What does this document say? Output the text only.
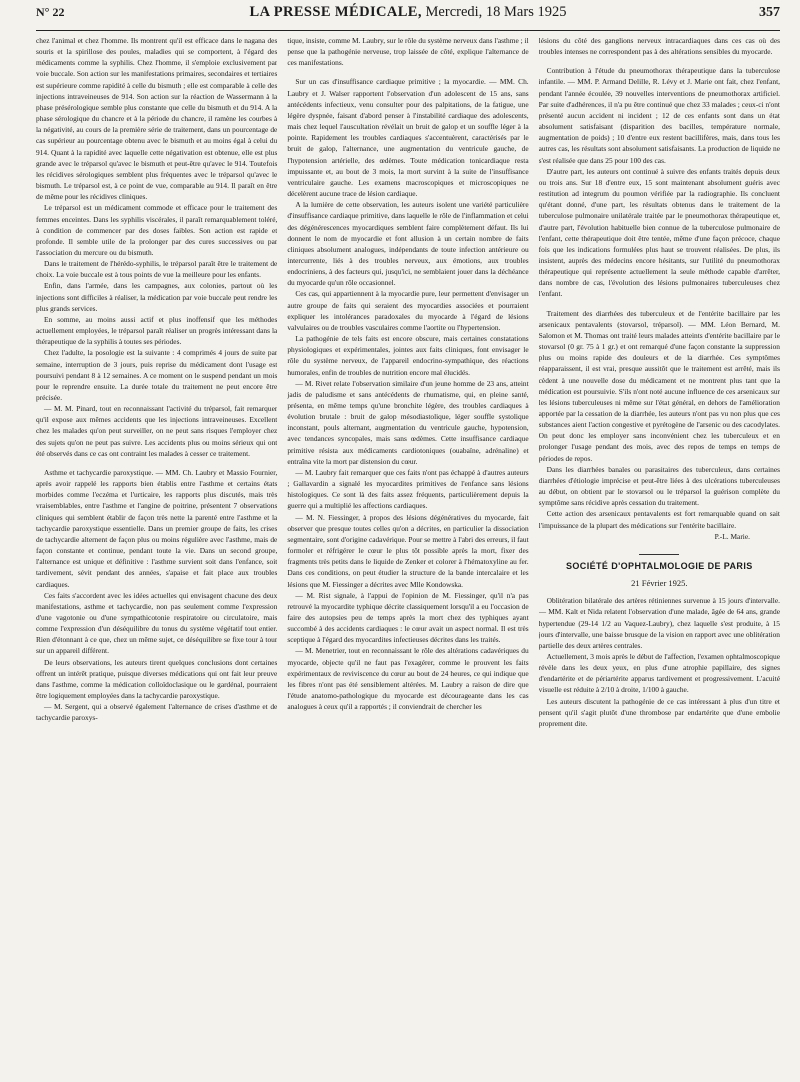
N° 22	LA PRESSE MÉDICALE, Mercredi, 18 Mars 1925	357

chez l'animal et chez l'homme. Ils montrent qu'il est efficace dans le nagana des souris et la spirillose des poules, maladies qui se comportent, à l'égard des médicaments comme la syphilis. Chez l'homme, il s'emploie exclusivement par voie buccale. Son action sur les manifestations primaires, secondaires et tertiaires est supérieure comme rapidité à celle du bismuth ; elle est comparable à celle des injections intraveineuses de 914. Son action sur la réaction de Wassermann à la phase présérologique semble plus constante que celle du bismuth et du 914. A la phase sérologique du chancre et à la période du chancre, il ramène les courbes à la négativité, au cours de la première série de traitement, dans un pourcentage de cas supérieur au pourcentage obtenu avec le bismuth et au moins égal à celui du 914. Quant à la rapidité avec laquelle cette négativation est obtenue, elle est plus grande avec le tréparsol qu'avec le bismuth et peut-être qu'avec le 914. Toutefois les récidives sérologiques semblent plus fréquentes avec le tréparsol qu'avec le bismuth. Le tréparsol est, à ce point de vue, comparable au 914. Il paraît en être de même pour les récidives cliniques.

Le tréparsol est un médicament commode et efficace pour le traitement des femmes enceintes. Dans les syphilis viscérales, il paraît remarquablement toléré, à condition de commencer par des doses faibles. Son action est rapide et profonde. Il semble utile de la prolonger par des cures successives ou par l'association du mercure ou du bismuth.

Dans le traitement de l'hérédo-syphilis, le tréparsol paraît être le traitement de choix. La voie buccale est à tous points de vue la meilleure pour les enfants.

Enfin, dans l'armée, dans les campagnes, aux colonies, partout où les injections sont difficiles à réaliser, la médication par voie buccale peut rendre les plus grands services.

En somme, au moins aussi actif et plus inoffensif que les méthodes actuellement employées, le tréparsol paraît réaliser un progrès intéressant dans la thérapeutique de la syphilis à toutes ses périodes.

Chez l'adulte, la posologie est la suivante : 4 comprimés 4 jours de suite par semaine, interruption de 3 jours, puis reprise du médicament dont l'usage est poursuivi pendant 8 à 12 semaines. A ce moment on le suspend pendant un mois pour le reprendre ensuite. La durée totale du traitement ne peut encore être précisée.

— M. M. Pinard, tout en reconnaissant l'activité du tréparsol, fait remarquer qu'il expose aux mêmes accidents que les injections intraveineuses. Excellent chez les malades qu'on peut surveiller, on ne peut sans risques l'employer chez des sujets qu'on ne peut pas suivre. Les accidents plus ou moins sérieux qui ont été observés dans ce cas ont contraint les malades à cesser ce traitement.

Asthme et tachycardie paroxystique. — MM. Ch. Laubry et Massio Fournier, après avoir rappelé les rapports bien établis entre l'asthme et certains états morbides comme l'eczéma et l'urticaire, les rapports plus discutés, mais très vraisemblables, entre l'asthme et l'angine de poitrine, présentent 7 observations cliniques qui semblent établir de façon très nette la parenté entre l'asthme et la tachycardie paroxystique essentielle. Dans un premier groupe de faits, les crises de tachycardie alternent de façon plus ou moins régulière avec l'asthme, mais de façon constante et continue, pendant toute la vie. Dans un second groupe, l'alternance est unique et définitive : l'asthme survient soit dans l'enfance, soit tardivement, sévit pendant des années, s'apaise et fait place aux troubles cardiaques.

Ces faits s'accordent avec les idées actuelles qui envisagent chacune des deux manifestations, asthme et tachycardie, non pas seulement comme l'expression d'une vagotonie ou d'une sympathicotonie respiratoire ou circulatoire, mais comme l'expression d'un déséquilibre du tonus du système végétatif tout entier. Rien d'étonnant à ce que, chez un même sujet, ce déséquilibre se fixe tour à tour sur un appareil différent.

De leurs observations, les auteurs tirent quelques conclusions dont certaines offrent un intérêt pratique, puisque diverses médications qui ont fait leur preuve dans l'asthme, comme la médication colloïdoclasique ou le gardénal, pourraient être logiquement employées dans la tachycardie paroxystique.

— M. Sergent, qui a observé également l'alternance de crises d'asthme et de tachycardie paroxys-

tique, insiste, comme M. Laubry, sur le rôle du système nerveux dans l'asthme ; il pense que la pathogénie nerveuse, trop laissée de côté, explique l'alternance de ces manifestations.

Sur un cas d'insuffisance cardiaque primitive ; la myocardie. — MM. Ch. Laubry et J. Walser rapportent l'observation d'un adolescent de 15 ans, sans antécédents infectieux, venu consulter pour des palpitations, de la fatigue, une légère dyspnée, faisant d'abord penser à l'instabilité cardiaque des adolescents, mais chez lequel l'auscultation révélait un bruit de galop et un souffle léger à la pointe. Rapidement les troubles cardiaques s'accentuèrent, caractérisés par le bruit de galop, l'alternance, une augmentation du ventricule gauche, de l'hypotension artérielle, des œdèmes. Toute médication tonicardiaque resta impuissante et, au bout de 3 mois, la mort survint à la suite de l'insuffisance ventriculaire gauche. Les examens macroscopiques et microscopiques ne décelèrent aucune trace de lésion cardiaque.

A la lumière de cette observation, les auteurs isolent une variété particulière d'insuffisance cardiaque primitive, dans laquelle le rôle de l'inflammation et celui des dégénérescences myocardiques semblent faire complètement défaut. Ils lui donnent le nom de myocardie et font allusion à un certain nombre de faits cliniques absolument analogues, indépendants de toute infection antérieure ou intercurrente, liés à des troubles nerveux, aux émotions, aux troubles endocriniens, à des facteurs qui, jusqu'ici, ne semblaient jouer dans la déchéance du myocarde qu'un rôle occasionnel.

Ces cas, qui appartiennent à la myocardie pure, leur permettent d'envisager un autre groupe de faits qui seraient des myocardies associées et pourraient expliquer les intolérances paradoxales du myocarde à l'égard de lésions valvulaires ou de troubles vasculaires comme l'aortite ou l'hypertension.

La pathogénie de tels faits est encore obscure, mais certaines constatations physiologiques et expérimentales, jointes aux faits cliniques, font envisager le rôle du système nerveux, de l'appareil endocrino-sympathique, des réactions humorales, enfin de troubles de nutrition encore mal élucidés.

— M. Rivet relate l'observation similaire d'un jeune homme de 23 ans, atteint jadis de paludisme et sans antécédents de rhumatisme, qui, en pleine santé, présenta, en même temps qu'une bronchite légère, des troubles cardiaques à évolution brutale : bruit de galop mésodiastolique, léger souffle systolique inconstant, pouls alternant, augmentation du ventricule gauche, hypotension, avec tendances syncopales, mais sans œdèmes. Cette insuffisance cardiaque primitive résista aux médicaments cardiotoniques (ouabaïne, adrénaline) et entraîna vite la mort par distension du cœur.

— M. Laubry fait remarquer que ces faits n'ont pas échappé à d'autres auteurs ; Gallavardin a signalé les myocardites primitives de l'enfance sans lésions histologiques. Ce sont là des faits assez fréquents, particulièrement depuis la guerre qui a multiplié les affections cardiaques.

— M. N. Fiessinger, à propos des lésions dégénératives du myocarde, fait observer que presque toutes celles qu'on a décrites, en particulier la dissociation segmentaire, sont d'origine cadavérique. Pour se mettre à l'abri des erreurs, il faut formoler et réfrigérer le cœur le plus tôt possible après la mort, fixer des fragments très petits dans le liquide de Zenker et colorer à l'hématoxyline au fer. Dans ces conditions, on peut étudier la structure de la bande intercalaire et les lésions que M. Fiessinger a décrites avec Mlle Kondowska.

— M. Rist signale, à l'appui de l'opinion de M. Fiessinger, qu'il n'a pas retrouvé la myocardite typhique décrite classiquement lorsqu'il a eu l'occasion de faire des autopsies peu de temps après la mort chez des typhiques ayant succombé à des accidents cardiaques : le cœur avait un aspect normal. Il est très sceptique à l'égard des myocardites infectieuses décrites dans les traités.

— M. Menetrier, tout en reconnaissant le rôle des altérations cadavériques du myocarde, objecte qu'il ne faut pas l'exagérer, comme le prouvent les faits expérimentaux de reviviscence du cœur au bout de 24 heures, ce qui indique que les fibres n'ont pas été sensiblement altérées. M. Laubry a raison de dire que l'étude anatomo-pathologique du myocarde est décourageante dans les cas analogues à ceux qu'il a rapportés ; il conviendrait de chercher les

lésions du côté des ganglions nerveux intracardiaques dans ces cas où des troubles intenses ne correspondent pas à des altérations sensibles du myocarde.

Contribution à l'étude du pneumothorax thérapeutique dans la tuberculose infantile. — MM. P. Armand Delille, R. Lévy et J. Marie ont fait, chez l'enfant, pendant l'année écoulée, 39 nouvelles interventions de pneumothorax artificiel. Par suite d'adhérences, il n'a pu être continué que chez 33 malades ; ceux-ci n'ont présenté aucun accident ni incident ; 12 de ces enfants sont dans un état absolument satisfaisant (disparition des bacilles, température normale, augmentation de poids) ; 10 d'entre eux restent bacillifères, mais, dans tous les autres cas, les résultats sont absolument satisfaisants. La production de liquide ne s'est réalisée que dans 25 pour 100 des cas.

D'autre part, les auteurs ont continué à suivre des enfants traités depuis deux ou trois ans. Sur 18 d'entre eux, 15 sont maintenant absolument guéris avec restitution ad integrum du poumon vérifiée par la radiographie. Ils concluent qu'étant donné, d'une part, les résultats obtenus dans le traitement de la tuberculose pulmonaire unilatérale traitée par le pneumothorax thérapeutique et, d'autre part, l'évolution habituelle bien connue de la tuberculose pulmonaire de l'enfant, cette thérapeutique doit être tentée, même d'une façon précoce, chaque fois que les indications formulées plus haut se trouvent réalisées. De plus, ils insistent, auprès des médecins encore hésitants, sur l'utilité du pneumothorax thérapeutique qui représente actuellement la seule méthode capable d'arrêter, dans nombre de cas, l'évolution des lésions pulmonaires tuberculeuses chez l'enfant.

Traitement des diarrhées des tuberculeux et de l'entérite bacillaire par les arsenicaux pentavalents (stovarsol, tréparsol). — MM. Léon Bernard, M. Salomon et M. Thomas ont traité leurs malades atteints d'entérite bacillaire par le stovarsol (0 gr. 75 à 1 gr.) et ont remarqué d'une façon constante la suppression plus ou moins rapide des douleurs et de la diarrhée. Ces symptômes réapparaissent, il est vrai, presque aussitôt que le traitement est arrêté, mais ils cèdent à une nouvelle dose du médicament et ne montrent plus tant que la médication est poursuivie. S'ils n'ont noté aucune influence de ces arsenicaux sur les lésions tuberculeuses ni même sur l'état général, en dehors de l'amélioration apportée par la cessation de la diarrhée, les auteurs n'ont pas vu non plus que ces substances aient l'action congestive et pyrétogène de l'arsenic ou des cacodylates. On peut donc les employer sans inconvénient chez les tuberculeux et en prolonger l'usage pendant des mois, avec des repos de temps en temps de périodes de repos.

Dans les diarrhées banales ou parasitaires des tuberculeux, dans certaines diarrhées d'étiologie imprécise et peut-être liées à des ulcérations tuberculeuses au début, on obtient par le stovarsol ou le tréparsol la guérison complète du symptôme sans récidive après cessation du traitement.

Cette action des arsenicaux pentavalents est fort remarquable quand on sait l'impuissance de la plupart des médications sur l'entérite bacillaire.

P.-L. Marie.

SOCIÉTÉ D'OPHTALMOLOGIE DE PARIS
21 Février 1925.

Oblitération bilatérale des artères rétiniennes survenue à 15 jours d'intervalle. — MM. Kalt et Nida relatent l'observation d'une malade, âgée de 64 ans, grande hypertendue (29-14 1/2 au Vaquez-Laubry), chez laquelle s'est produite, à 15 jours d'intervalle, une baisse brusque de la vision en rapport avec une oblitération partielle des deux artères centrales.

Actuellement, 3 mois après le début de l'affection, l'examen ophtalmoscopique révèle dans les deux yeux, en plus d'une atrophie papillaire, des signes d'endartérite et de périartérite apparus tardivement et progressivement. L'acuité visuelle est réduite à 2/10 à droite, 1/100 à gauche.

Les auteurs discutent la pathogénie de ce cas intéressant à plus d'un titre et pensent qu'il s'agit plutôt d'une thrombose par endartérite que d'une embolie proprement dite.
